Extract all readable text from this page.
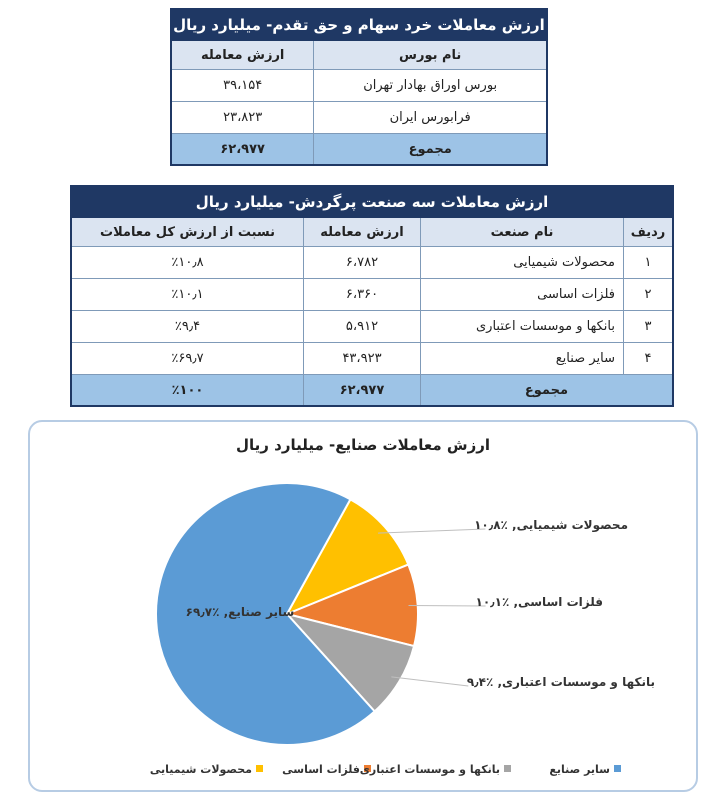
ارزش معاملات خرد سهام و حق تقدم- میلیارد ریال	
نام بورس	ارزش معامله
بورس اوراق بهادار تهران	۳۹،۱۵۴
فرابورس ایران	۲۳،۸۲۳
مجموع	۶۲،۹۷۷
ارزش معاملات سه صنعت پرگردش- میلیارد ریال			
ردیف	نام صنعت	ارزش معامله	نسبت از ارزش کل معاملات
۱	محصولات شیمیایی	۶،۷۸۲	٪۱۰٫۸
۲	فلزات اساسی	۶،۳۶۰	٪۱۰٫۱
۳	بانکها و موسسات اعتباری	۵،۹۱۲	٪۹٫۴
۴	سایر صنایع	۴۳،۹۲۳	٪۶۹٫۷
مجموع		۶۲،۹۷۷	٪۱۰۰
ارزش معاملات صنایع- میلیارد ریال
محصولات شیمیایی, ٪۱۰٫۸
فلزات اساسی, ٪۱۰٫۱
بانکها و موسسات اعتباری, ٪۹٫۴
سایر صنایع, ٪۶۹٫۷
محصولات شیمیایی	فلزات اساسی بانکها و موسسات اعتباری	سایر صنایع
